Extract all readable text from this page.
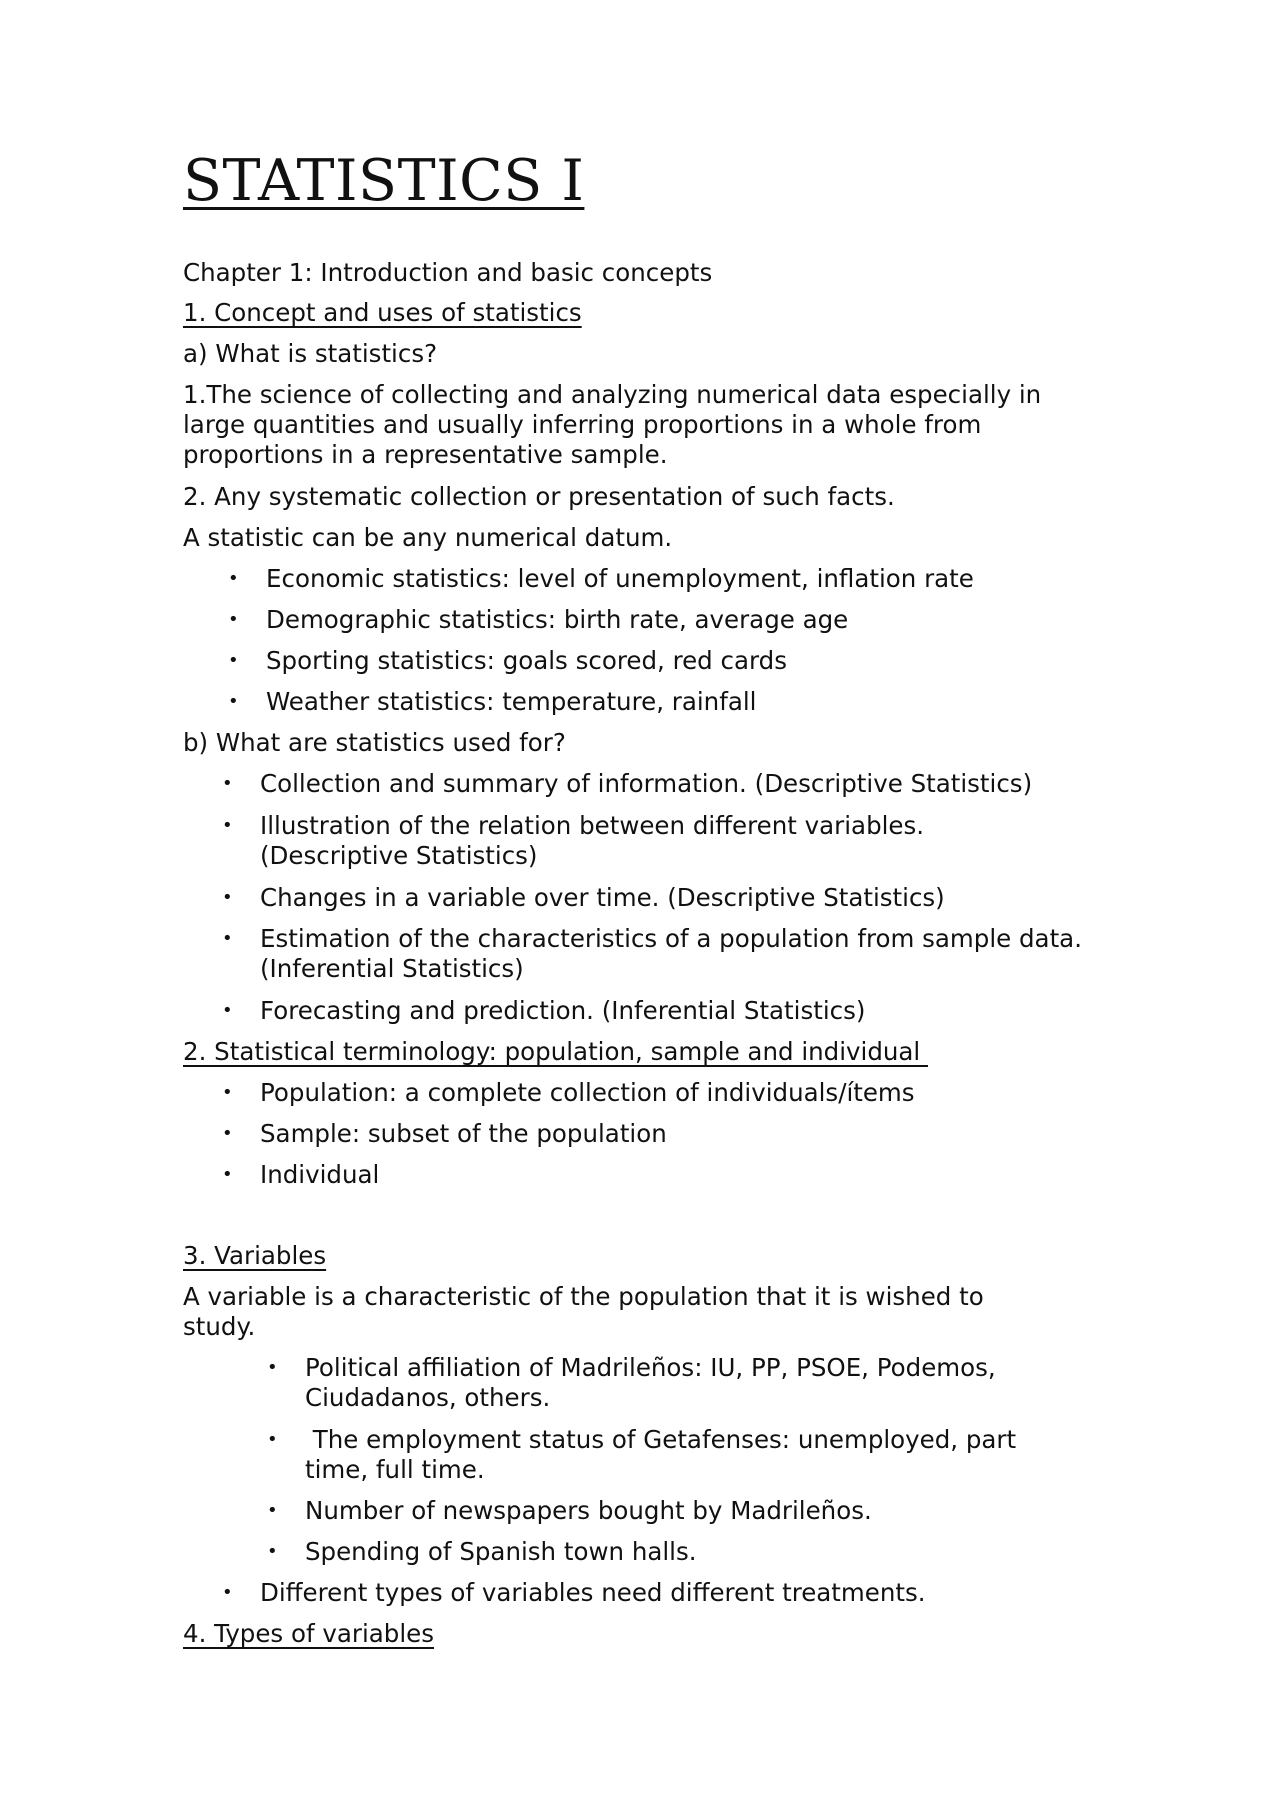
STATISTICS I
Chapter 1: Introduction and basic concepts
1. Concept and uses of statistics
a) What is statistics?
1.The science of collecting and analyzing numerical data especially in large quantities and usually inferring proportions in a whole from proportions in a representative sample.
2. Any systematic collection or presentation of such facts.
A statistic can be any numerical datum.
• Economic statistics: level of unemployment, inflation rate
• Demographic statistics: birth rate, average age
• Sporting statistics: goals scored, red cards
• Weather statistics: temperature, rainfall
b) What are statistics used for?
• Collection and summary of information. (Descriptive Statistics)
• Illustration of the relation between different variables. (Descriptive Statistics)
• Changes in a variable over time. (Descriptive Statistics)
• Estimation of the characteristics of a population from sample data. (Inferential Statistics)
• Forecasting and prediction. (Inferential Statistics)
2. Statistical terminology: population, sample and individual
• Population: a complete collection of individuals/ítems
• Sample: subset of the population
• Individual
3. Variables
A variable is a characteristic of the population that it is wished to study.
• Political affiliation of Madrileños: IU, PP, PSOE, Podemos, Ciudadanos, others.
• The employment status of Getafenses: unemployed, part time, full time.
• Number of newspapers bought by Madrileños.
• Spending of Spanish town halls.
• Different types of variables need different treatments.
4. Types of variables
